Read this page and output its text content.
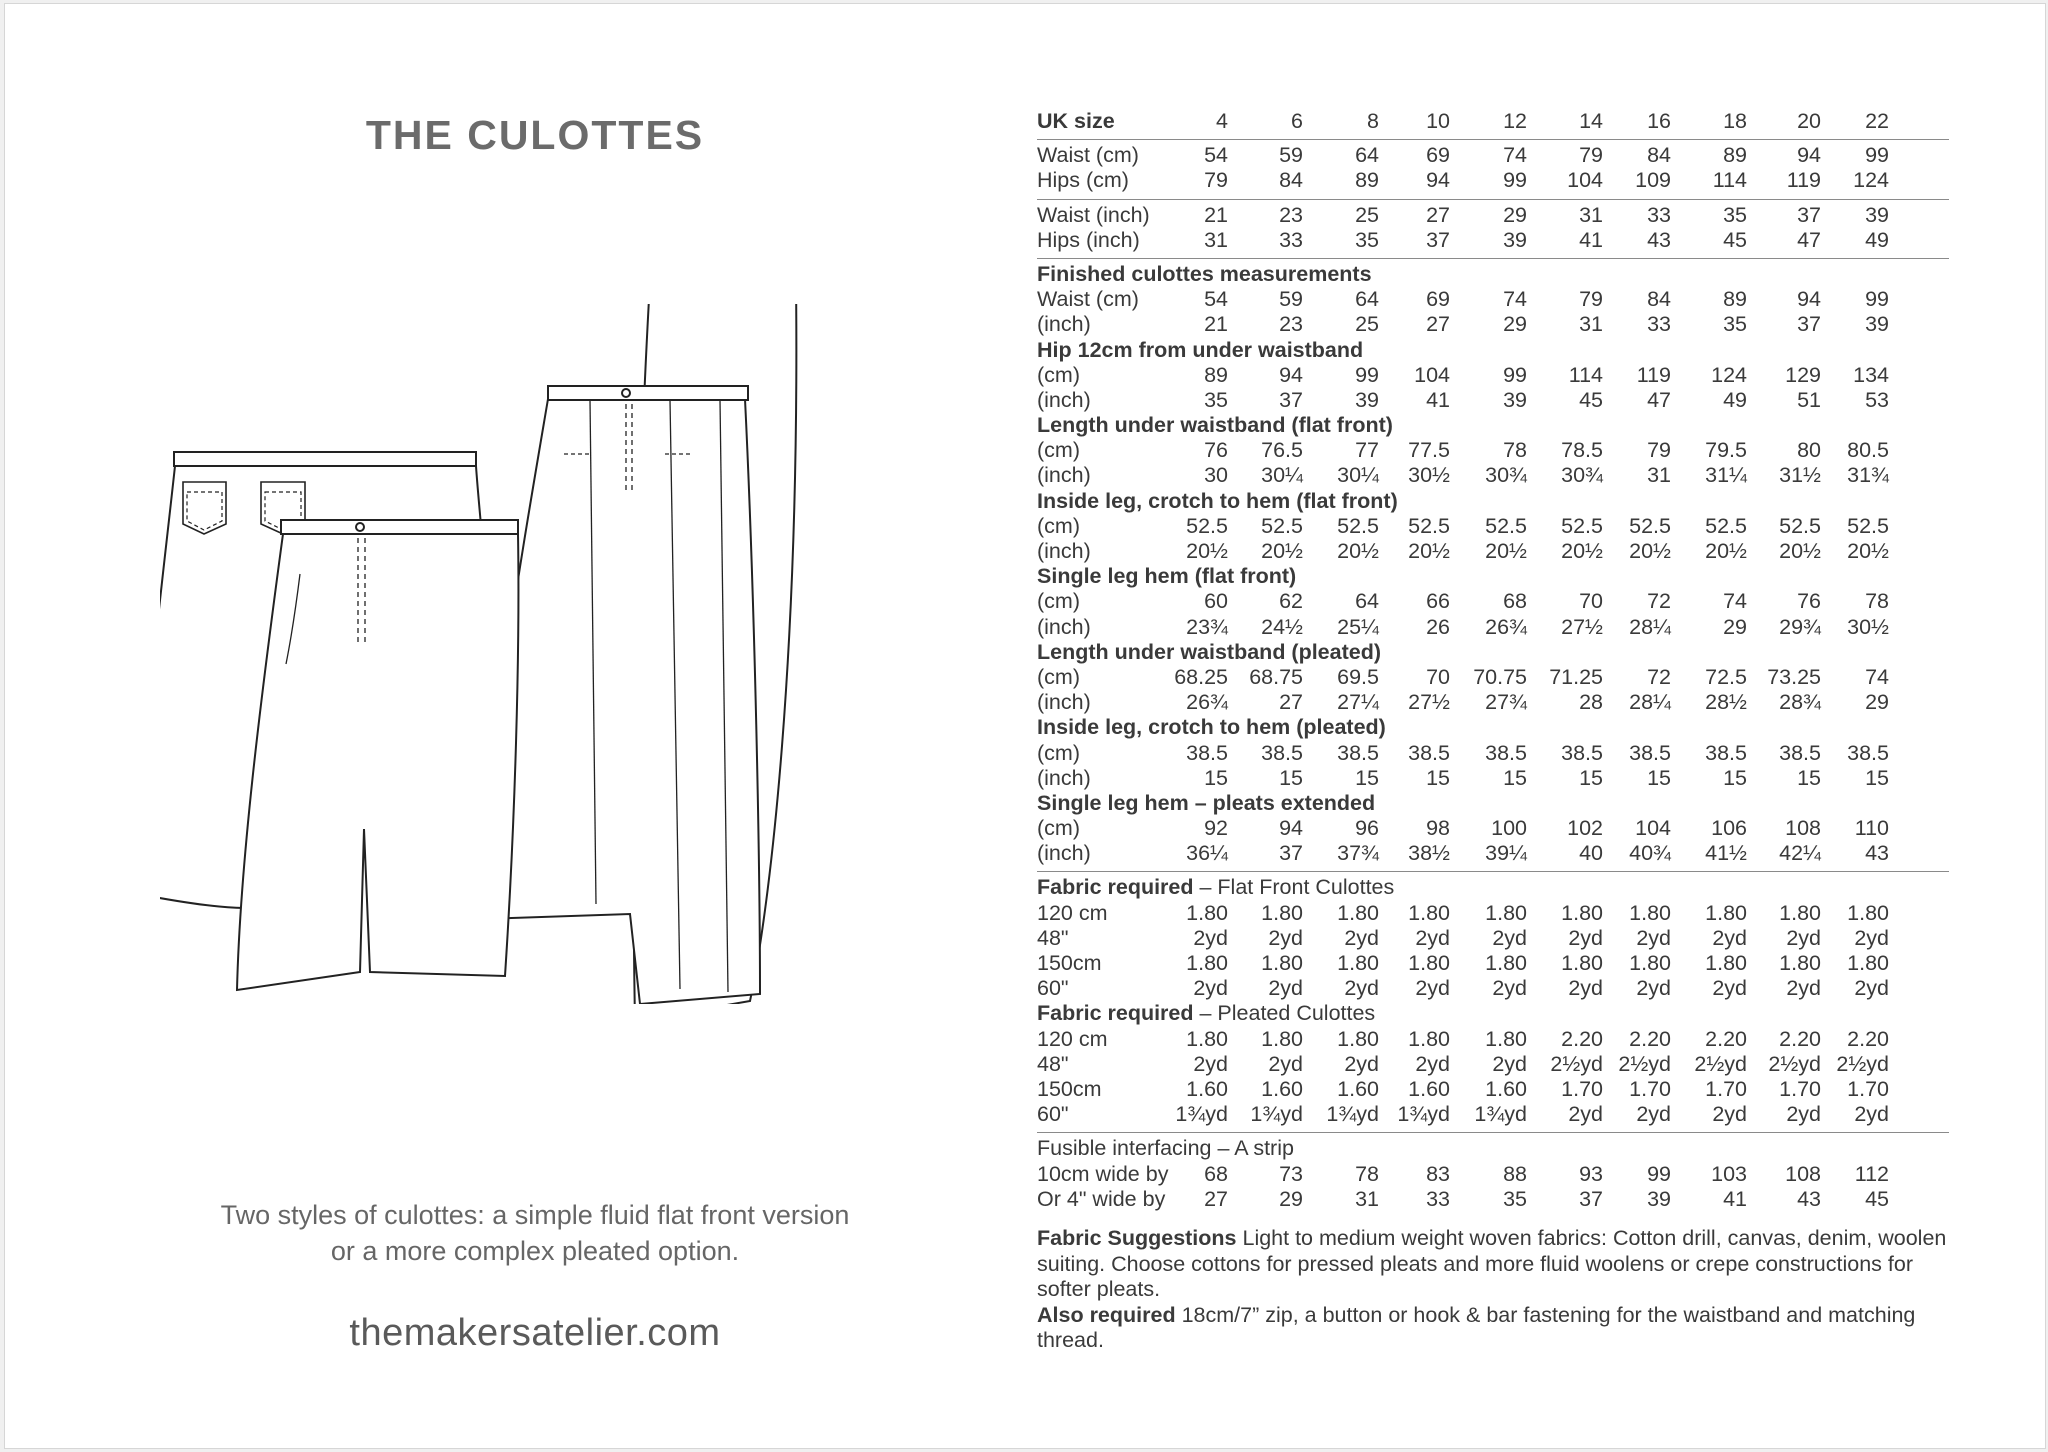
THE CULOTTES
Two styles of culottes: a simple fluid flat front version
or a more complex pleated option.
themakersatelier.com
UK size	4	6	8	10	12	14	16	18	20	22
Waist (cm)	54	59	64	69	74	79	84	89	94	99
Hips (cm)	79	84	89	94	99	104	109	114	119	124
Waist (inch)	21	23	25	27	29	31	33	35	37	39
Hips (inch)	31	33	35	37	39	41	43	45	47	49
Finished culottes measurements
Waist (cm)	54	59	64	69	74	79	84	89	94	99
(inch)	21	23	25	27	29	31	33	35	37	39
Hip 12cm from under waistband
(cm)	89	94	99	104	99	114	119	124	129	134
(inch)	35	37	39	41	39	45	47	49	51	53
Length under waistband (flat front)
(cm)	76	76.5	77	77.5	78	78.5	79	79.5	80	80.5
(inch)	30	30¼	30¼	30½	30¾	30¾	31	31¼	31½	31¾
Inside leg, crotch to hem (flat front)
(cm)	52.5	52.5	52.5	52.5	52.5	52.5	52.5	52.5	52.5	52.5
(inch)	20½	20½	20½	20½	20½	20½	20½	20½	20½	20½
Single leg hem (flat front)
(cm)	60	62	64	66	68	70	72	74	76	78
(inch)	23¾	24½	25¼	26	26¾	27½	28¼	29	29¾	30½
Length under waistband (pleated)
(cm)	68.25 68.75	69.5	70	70.75	71.25	72	72.5 73.25	74
(inch)	26¾	27	27¼	27½	27¾	28	28¼	28½	28¾	29
Inside leg, crotch to hem (pleated)
(cm)	38.5	38.5	38.5	38.5	38.5	38.5	38.5	38.5	38.5	38.5
(inch)	15	15	15	15	15	15	15	15	15	15
Single leg hem – pleats extended
(cm)	92	94	96	98	100	102	104	106	108	110
(inch)	36¼	37	37¾	38½	39¼	40	40¾	41½	42¼	43
Fabric required – Flat Front Culottes
120 cm	1.80	1.80	1.80	1.80	1.80	1.80	1.80	1.80	1.80	1.80
48"	2yd	2yd	2yd	2yd	2yd	2yd	2yd	2yd	2yd	2yd
150cm	1.80	1.80	1.80	1.80	1.80	1.80	1.80	1.80	1.80	1.80
60"	2yd	2yd	2yd	2yd	2yd	2yd	2yd	2yd	2yd	2yd
Fabric required – Pleated Culottes
120 cm	1.80	1.80	1.80	1.80	1.80	2.20	2.20	2.20	2.20	2.20
48"	2yd	2yd	2yd	2yd	2yd	2½yd 2½yd	2½yd 2½yd 2½yd
150cm	1.60	1.60	1.60	1.60	1.60	1.70	1.70	1.70	1.70	1.70
60"	1¾yd	1¾yd	1¾yd 1¾yd	1¾yd	2yd	2yd	2yd	2yd	2yd
Fusible interfacing – A strip
10cm wide by	68	73	78	83	88	93	99	103	108	112
Or 4" wide by	27	29	31	33	35	37	39	41	43	45

Fabric Suggestions Light to medium weight woven fabrics: Cotton drill, canvas, denim, woolen suiting. Choose cottons for pressed pleats and more fluid woolens or crepe constructions for softer pleats.

Also required 18cm/7” zip, a button or hook & bar fastening for the waistband and matching thread.
